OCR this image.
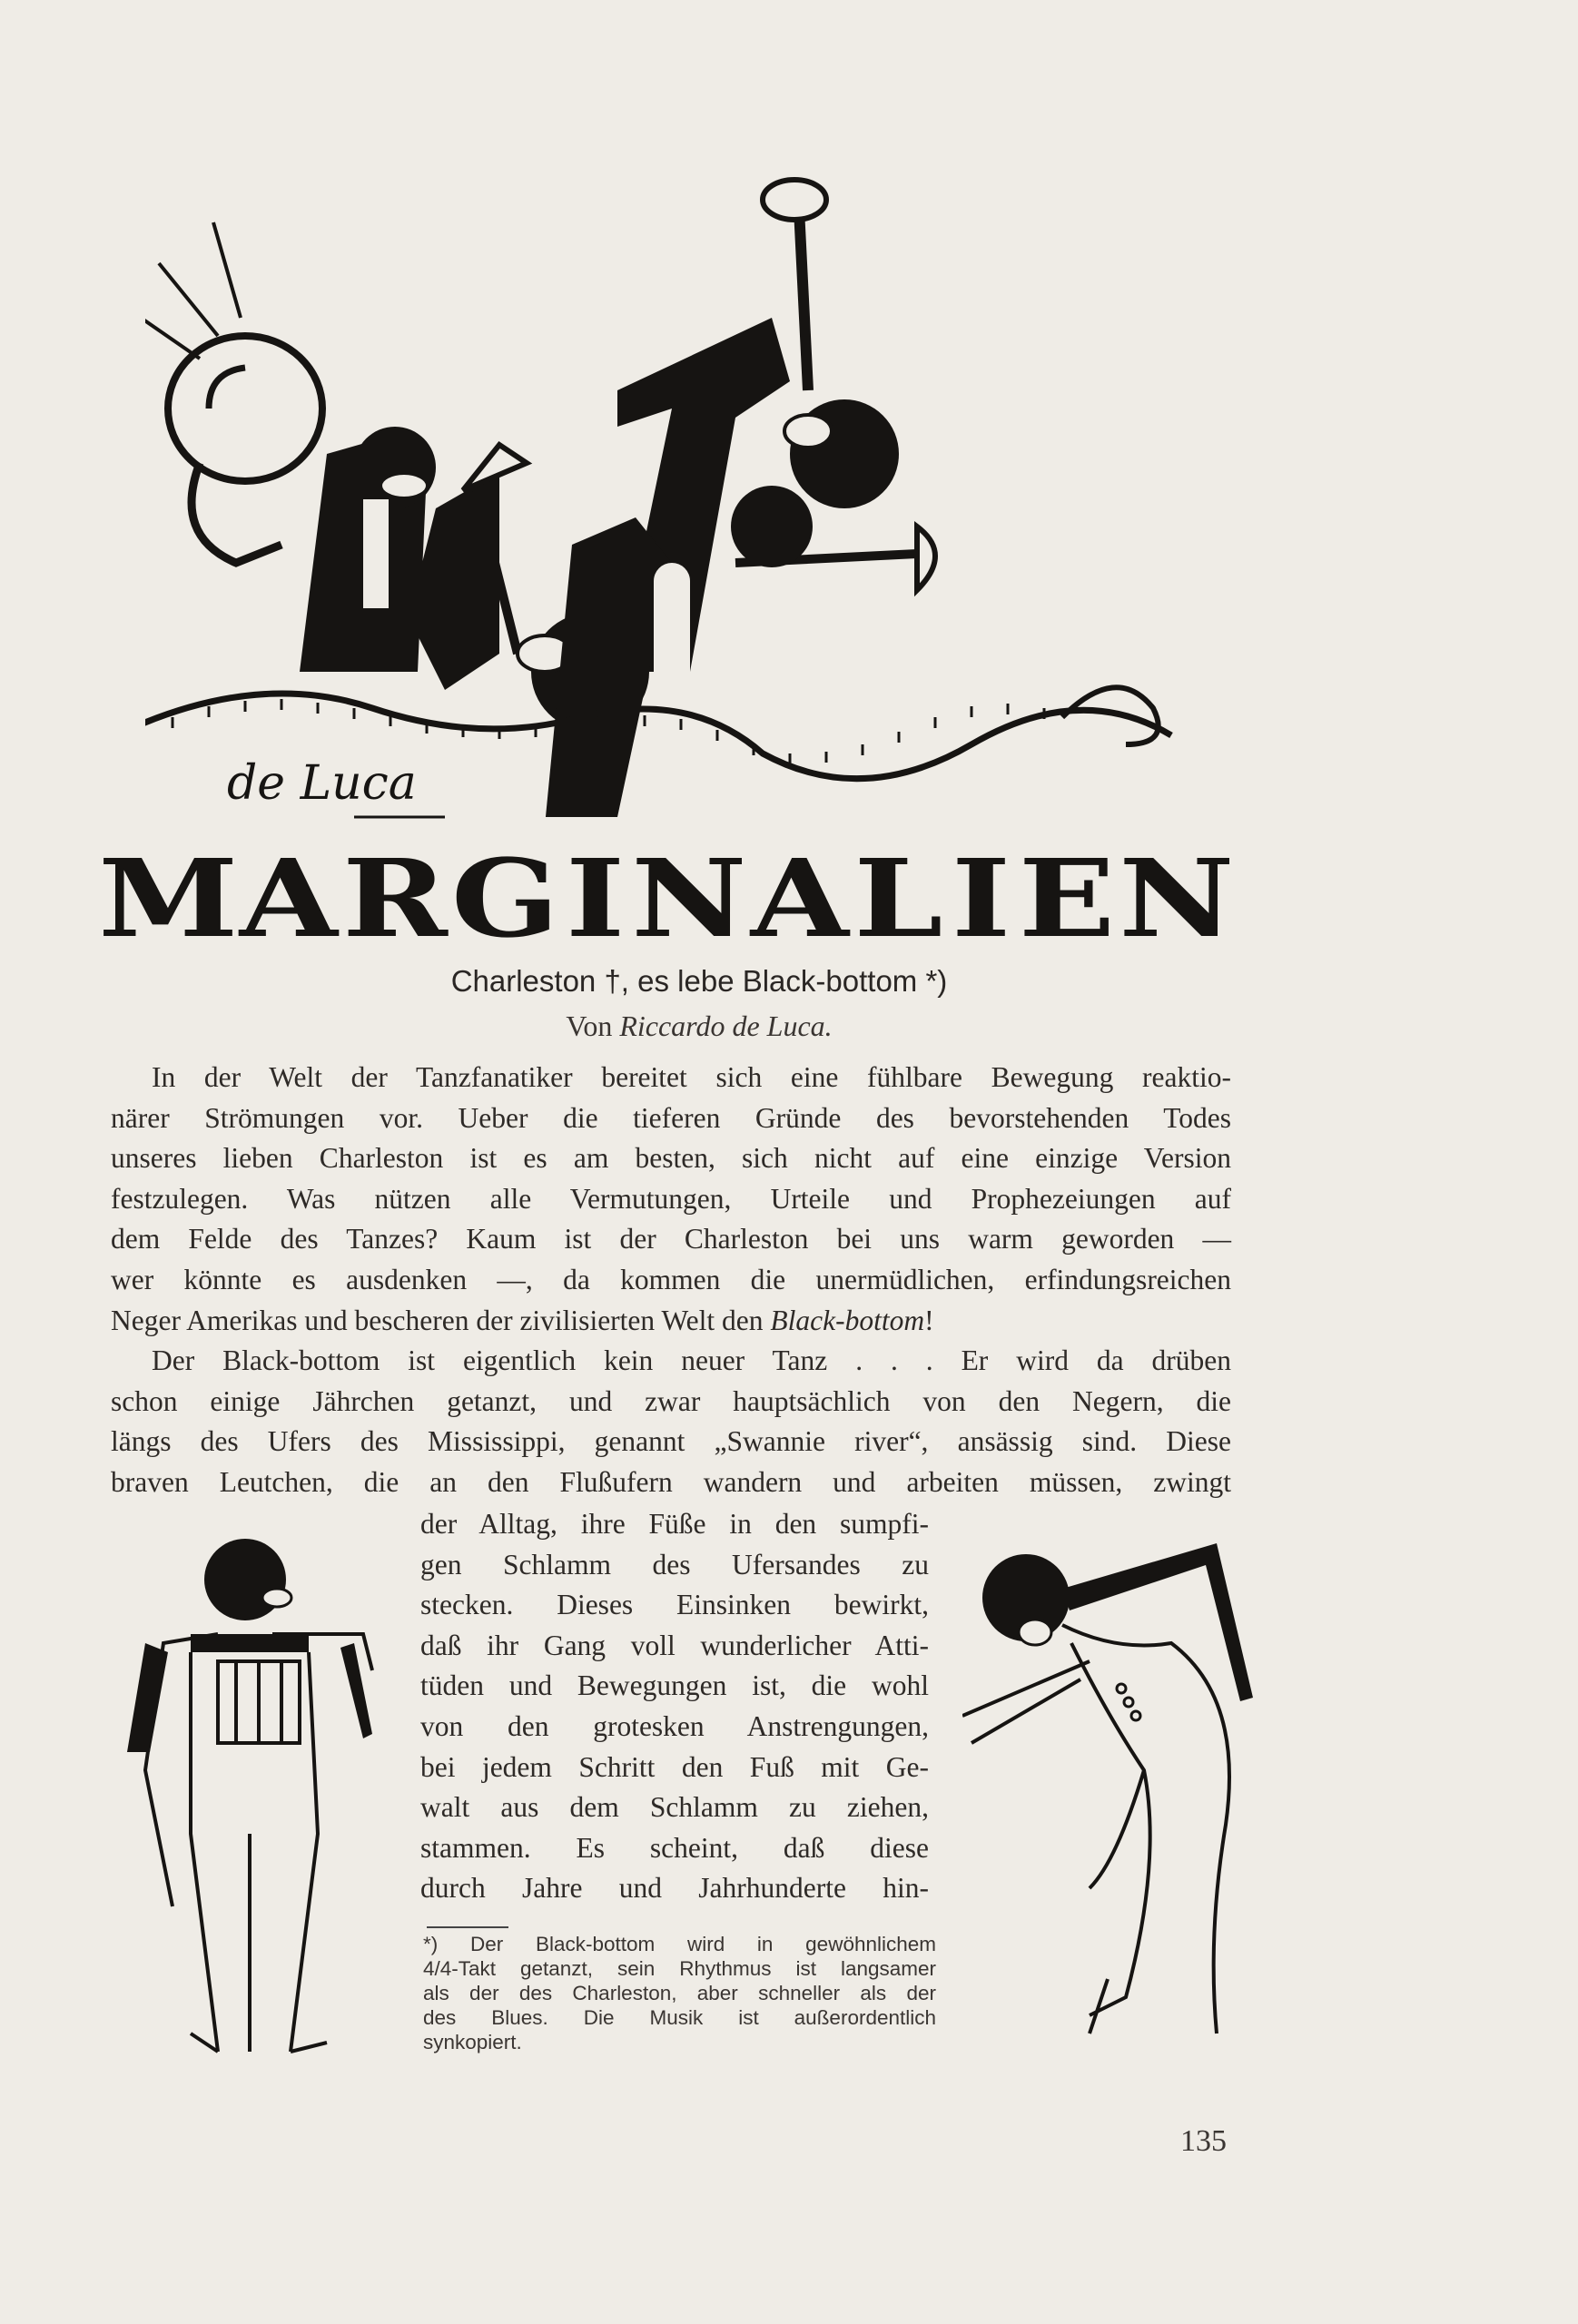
de Luca
M A R G I N A L I E N
Charleston †, es lebe Black-bottom *)
Von Riccardo de Luca.
In der Welt der Tanzfanatiker bereitet sich eine fühlbare Bewegung reaktio-
närer Strömungen vor. Ueber die tieferen Gründe des bevorstehenden Todes
unseres lieben Charleston ist es am besten, sich nicht auf eine einzige Version
festzulegen. Was nützen alle Vermutungen, Urteile und Prophezeiungen auf
dem Felde des Tanzes? Kaum ist der Charleston bei uns warm geworden —
wer könnte es ausdenken —, da kommen die unermüdlichen, erfindungsreichen
Neger Amerikas und bescheren der zivilisierten Welt den Black-bottom!
Der Black-bottom ist eigentlich kein neuer Tanz . . . Er wird da drüben
schon einige Jährchen getanzt, und zwar hauptsächlich von den Negern, die
längs des Ufers des Mississippi, genannt „Swannie river“, ansässig sind. Diese
braven Leutchen, die an den Flußufern wandern und arbeiten müssen, zwingt
der Alltag, ihre Füße in den sumpfi-
gen Schlamm des Ufersandes zu
stecken. Dieses Einsinken bewirkt,
daß ihr Gang voll wunderlicher Atti-
tüden und Bewegungen ist, die wohl
von den grotesken Anstrengungen,
bei jedem Schritt den Fuß mit Ge-
walt aus dem Schlamm zu ziehen,
stammen. Es scheint, daß diese
durch Jahre und Jahrhunderte hin-
*) Der Black-bottom wird in gewöhnlichem
4/4-Takt getanzt, sein Rhythmus ist langsamer
als der des Charleston, aber schneller als der
des Blues. Die Musik ist außerordentlich
synkopiert.
135
